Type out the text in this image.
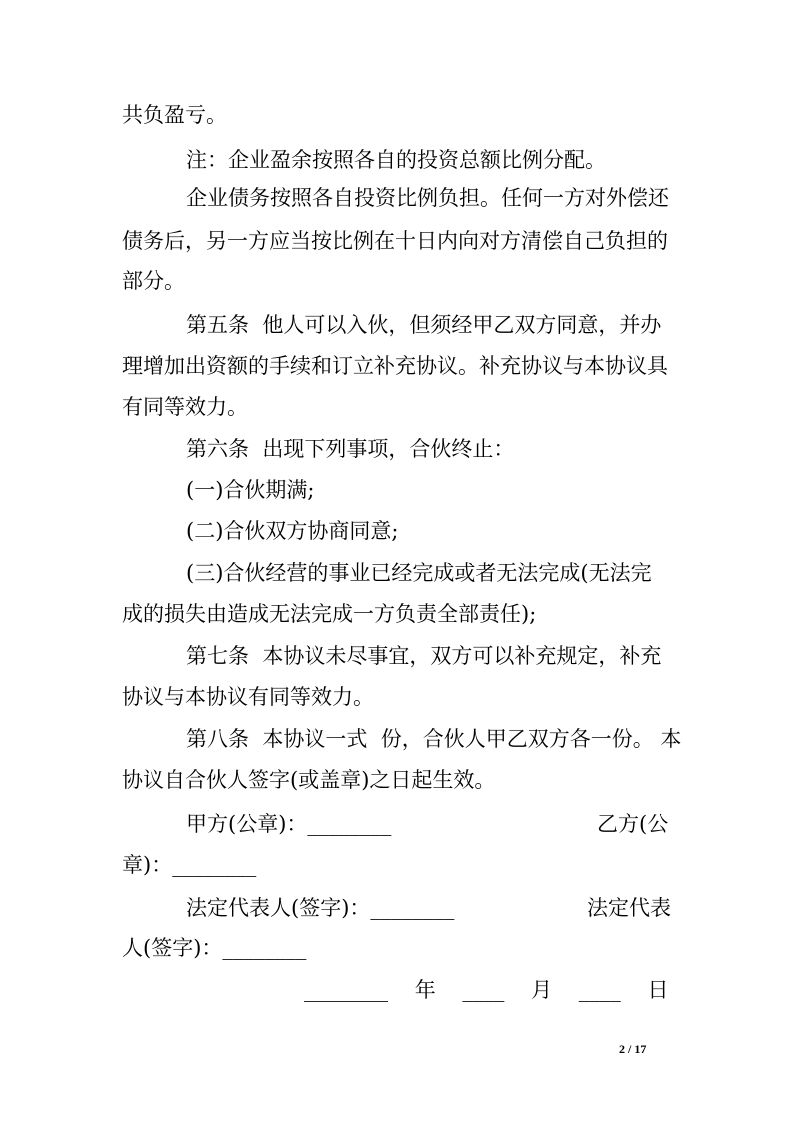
共负盈亏。
注：企业盈余按照各自的投资总额比例分配。
企业债务按照各自投资比例负担。任何一方对外偿还
债务后，另一方应当按比例在十日内向对方清偿自己负担的
部分。
第五条  他人可以入伙，但须经甲乙双方同意，并办
理增加出资额的手续和订立补充协议。补充协议与本协议具
有同等效力。
第六条  出现下列事项，合伙终止：
(一)合伙期满;
(二)合伙双方协商同意;
(三)合伙经营的事业已经完成或者无法完成(无法完
成的损失由造成无法完成一方负责全部责任);
第七条  本协议未尽事宜，双方可以补充规定，补充
协议与本协议有同等效力。
第八条  本协议一式  份，合伙人甲乙双方各一份。 本
协议自合伙人签字(或盖章)之日起生效。
甲方(公章)：________	乙方(公
章)：________
法定代表人(签字)：________	法定代表
人(签字)：________
________    年    ____    月    ____    日
2 / 17
